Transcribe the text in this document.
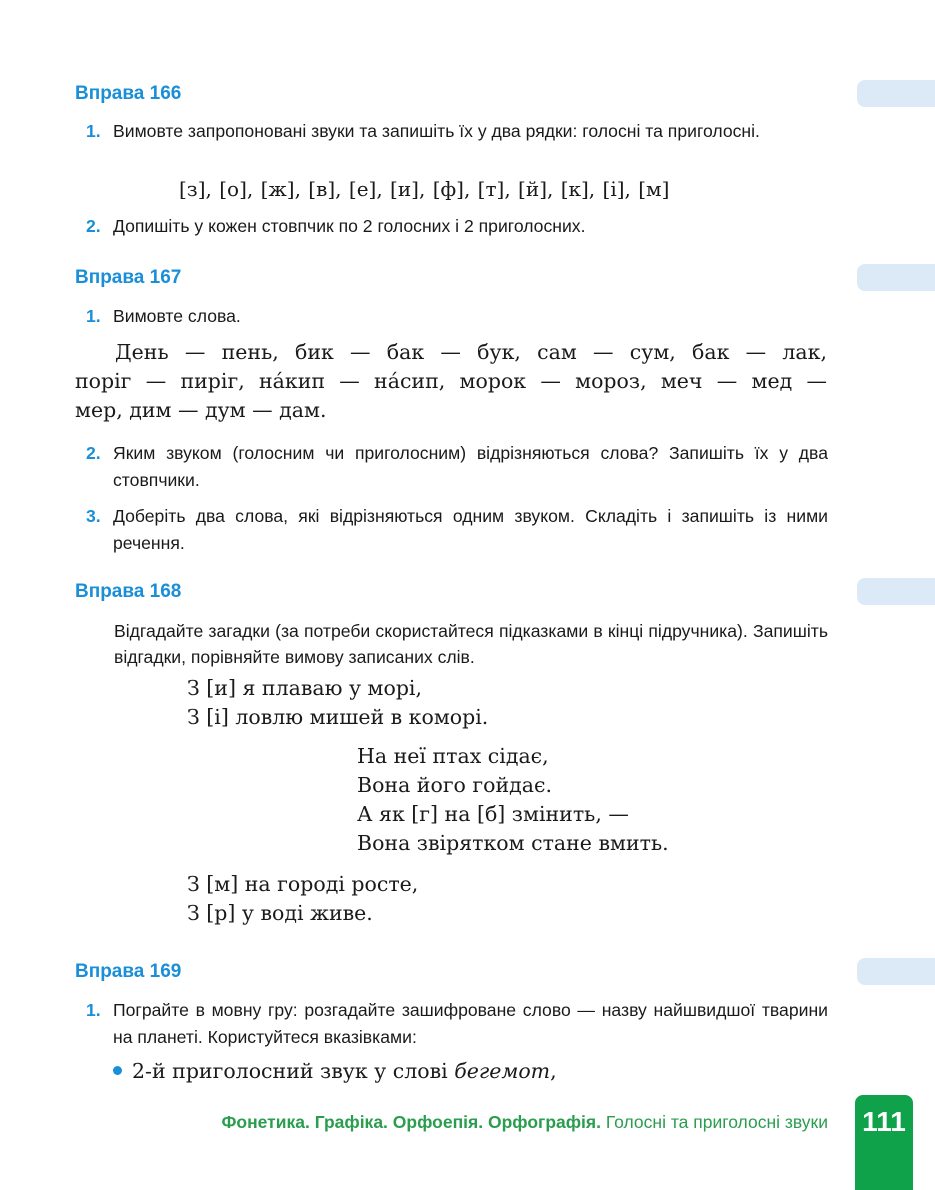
Вправа 166
1. Вимовте запропоновані звуки та запишіть їх у два рядки: голосні та приголосні.
[з], [о], [ж], [в], [е], [и], [ф], [т], [й], [к], [і], [м]
2. Допишіть у кожен стовпчик по 2 голосних і 2 приголосних.
Вправа 167
1. Вимовте слова.
День — пень, бик — бак — бук, сам — сум, бак — лак,
поріг — пиріг, на́кип — на́сип, морок — мороз, меч — мед —
мер, дим — дум — дам.
2. Яким звуком (голосним чи приголосним) відрізняються слова? Запишіть їх у два стовпчики.
3. Доберіть два слова, які відрізняються одним звуком. Складіть і запишіть із ними речення.
Вправа 168
Відгадайте загадки (за потреби скористайтеся підказками в кінці підручника). Запишіть відгадки, порівняйте вимову записаних слів.
З [и] я плаваю у морі,
З [і] ловлю мишей в коморі.
На неї птах сідає,
Вона його гойдає.
А як [г] на [б] змінить, —
Вона звірятком стане вмить.
З [м] на городі росте,
З [р] у воді живе.
Вправа 169
1. Пограйте в мовну гру: розгадайте зашифроване слово — назву найшвидшої тварини на планеті. Користуйтеся вказівками:
2-й приголосний звук у слові бегемот,
Фонетика. Графіка. Орфоепія. Орфографія. Голосні та приголосні звуки 111
